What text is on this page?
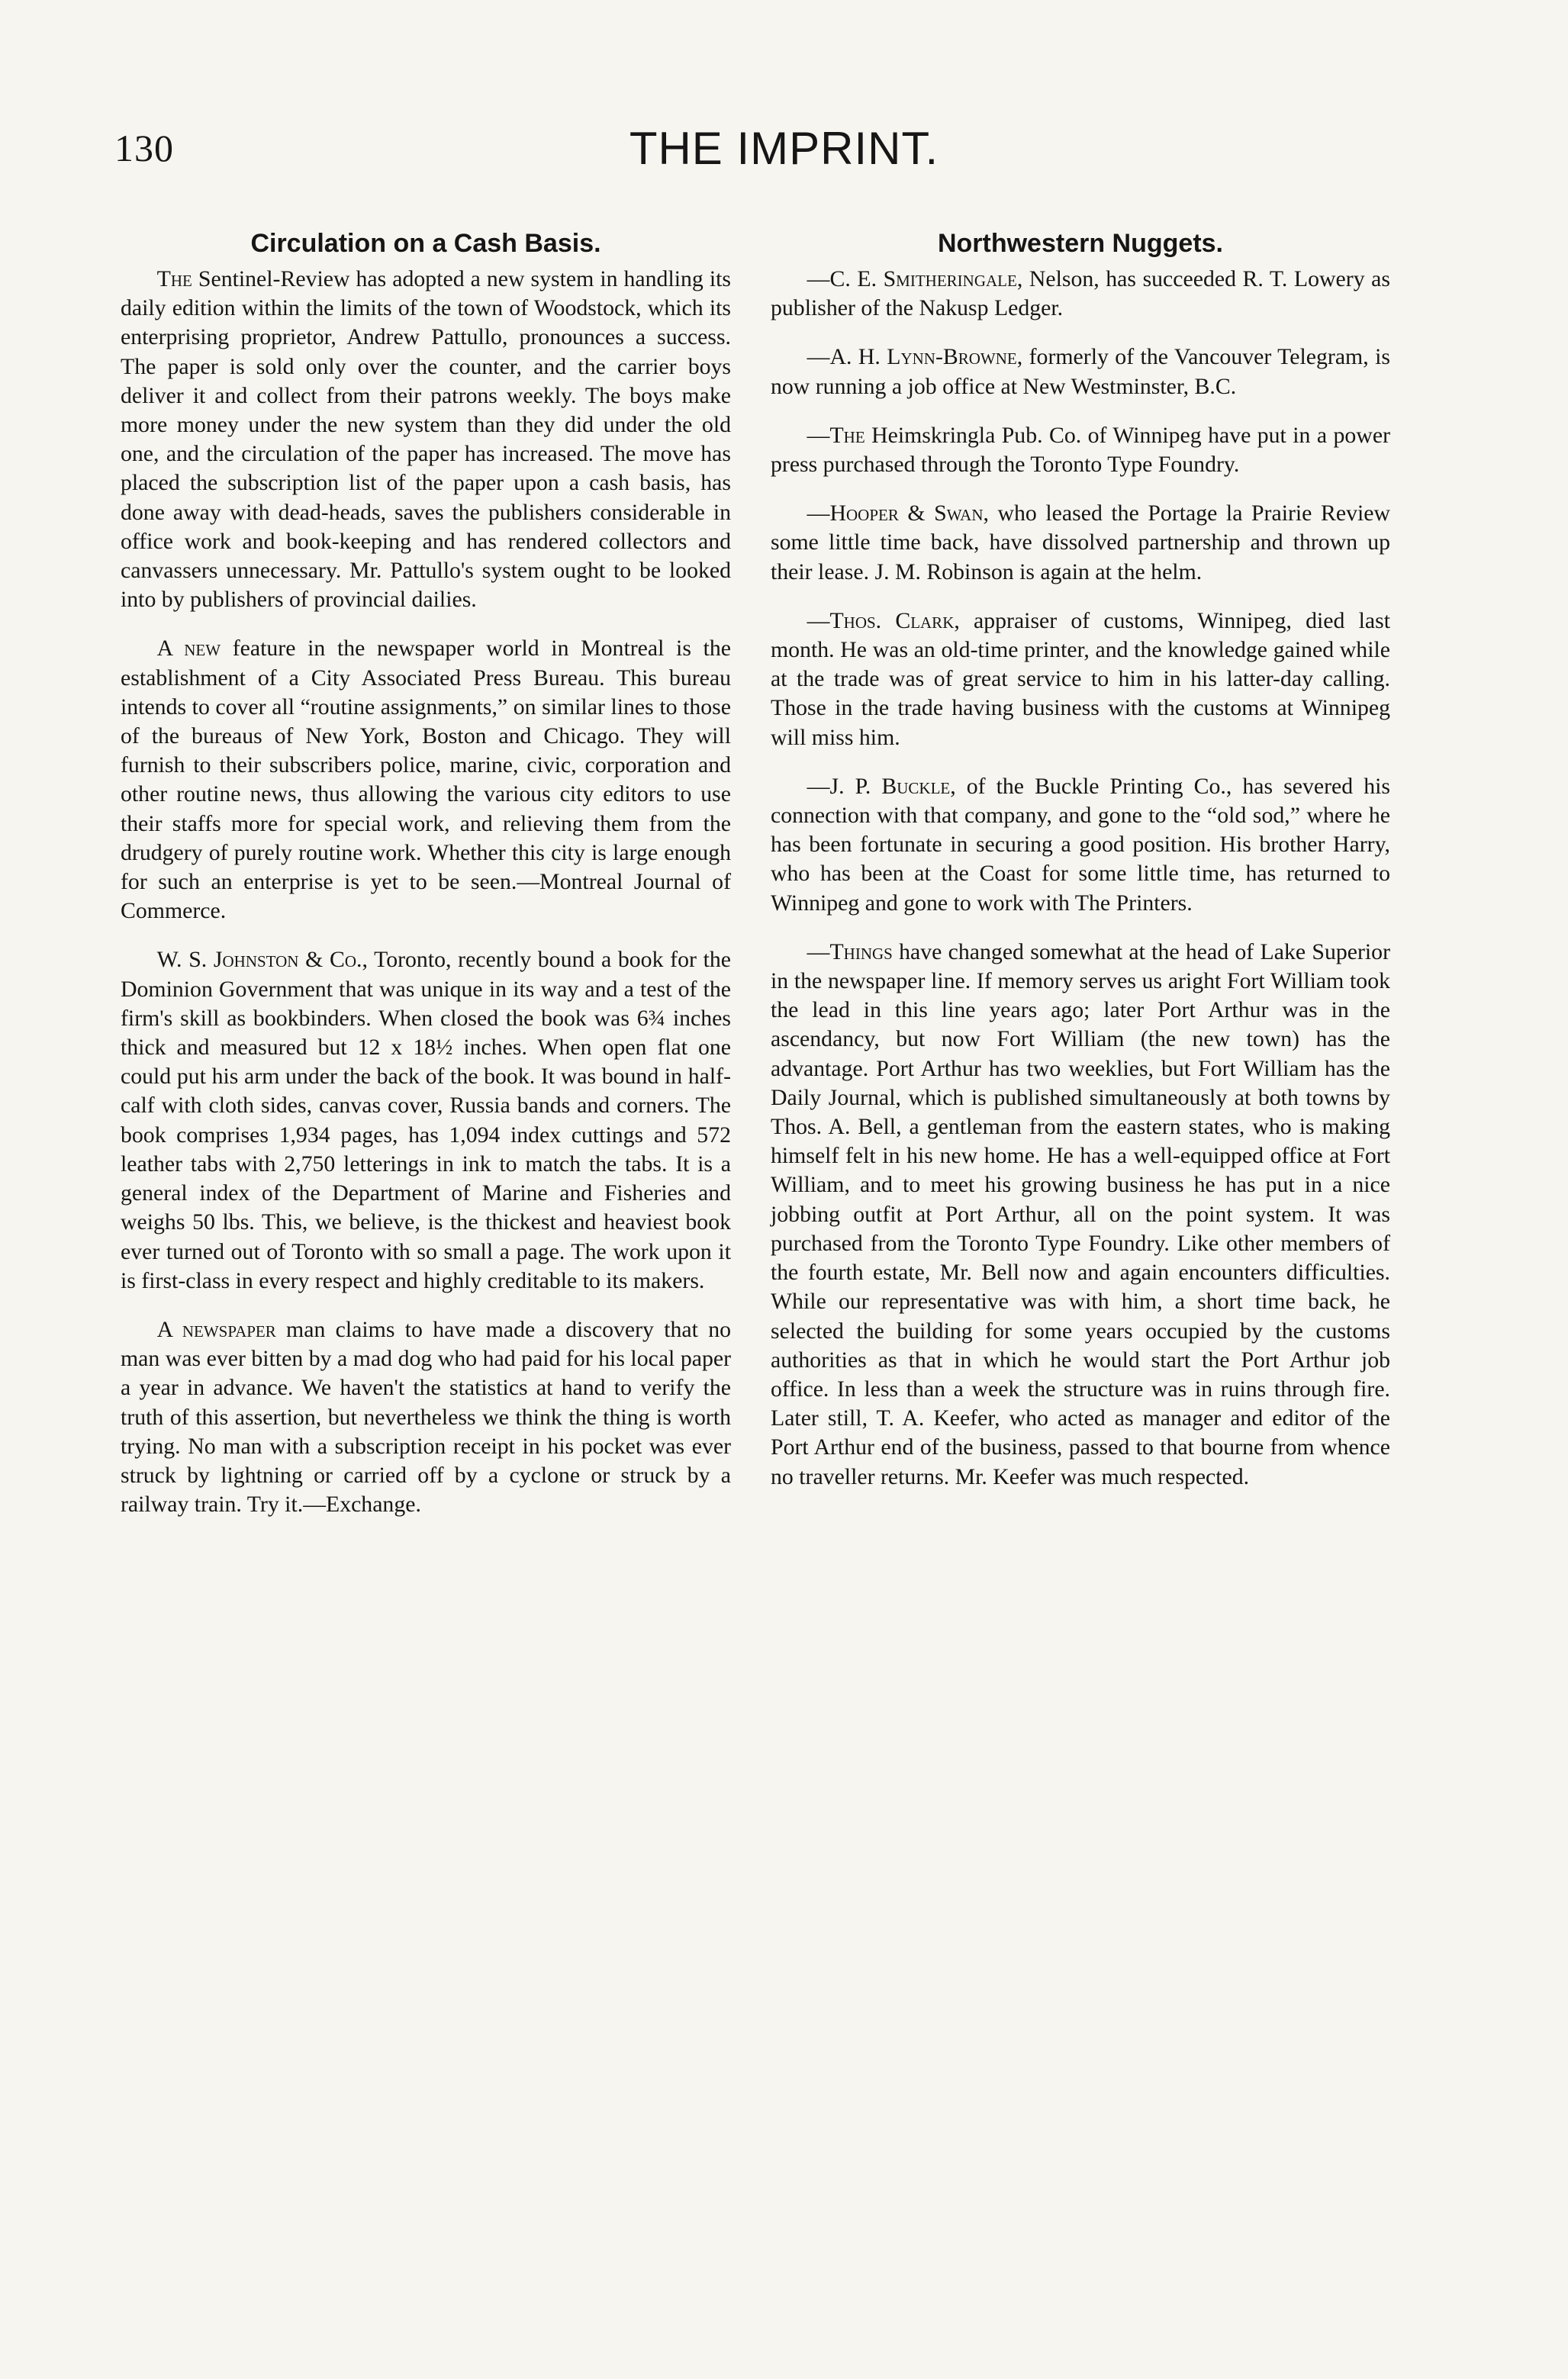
130	THE IMPRINT.
Circulation on a Cash Basis.

The Sentinel-Review has adopted a new system in handling its daily edition within the limits of the town of Woodstock, which its enterprising proprietor, Andrew Pattullo, pronounces a success. The paper is sold only over the counter, and the carrier boys deliver it and collect from their patrons weekly. The boys make more money under the new system than they did under the old one, and the circulation of the paper has increased. The move has placed the subscription list of the paper upon a cash basis, has done away with dead-heads, saves the publishers considerable in office work and book-keeping and has rendered collectors and canvassers unnecessary. Mr. Pattullo's system ought to be looked into by publishers of provincial dailies.

A new feature in the newspaper world in Montreal is the establishment of a City Associated Press Bureau. This bureau intends to cover all “routine assignments,” on similar lines to those of the bureaus of New York, Boston and Chicago. They will furnish to their subscribers police, marine, civic, corporation and other routine news, thus allowing the various city editors to use their staffs more for special work, and relieving them from the drudgery of purely routine work. Whether this city is large enough for such an enterprise is yet to be seen.—Montreal Journal of Commerce.

W. S. Johnston & Co., Toronto, recently bound a book for the Dominion Government that was unique in its way and a test of the firm's skill as bookbinders. When closed the book was 6¾ inches thick and measured but 12 x 18½ inches. When open flat one could put his arm under the back of the book. It was bound in half-calf with cloth sides, canvas cover, Russia bands and corners. The book comprises 1,934 pages, has 1,094 index cuttings and 572 leather tabs with 2,750 letterings in ink to match the tabs. It is a general index of the Department of Marine and Fisheries and weighs 50 lbs. This, we believe, is the thickest and heaviest book ever turned out of Toronto with so small a page. The work upon it is first-class in every respect and highly creditable to its makers.

A newspaper man claims to have made a discovery that no man was ever bitten by a mad dog who had paid for his local paper a year in advance. We haven't the statistics at hand to verify the truth of this assertion, but nevertheless we think the thing is worth trying. No man with a subscription receipt in his pocket was ever struck by lightning or carried off by a cyclone or struck by a railway train. Try it.—Exchange.

Northwestern Nuggets.

—C. E. Smitheringale, Nelson, has succeeded R. T. Lowery as publisher of the Nakusp Ledger.

—A. H. Lynn-Browne, formerly of the Vancouver Telegram, is now running a job office at New Westminster, B.C.

—The Heimskringla Pub. Co. of Winnipeg have put in a power press purchased through the Toronto Type Foundry.

—Hooper & Swan, who leased the Portage la Prairie Review some little time back, have dissolved partnership and thrown up their lease. J. M. Robinson is again at the helm.

—Thos. Clark, appraiser of customs, Winnipeg, died last month. He was an old-time printer, and the knowledge gained while at the trade was of great service to him in his latter-day calling. Those in the trade having business with the customs at Winnipeg will miss him.

—J. P. Buckle, of the Buckle Printing Co., has severed his connection with that company, and gone to the “old sod,” where he has been fortunate in securing a good position. His brother Harry, who has been at the Coast for some little time, has returned to Winnipeg and gone to work with The Printers.

—Things have changed somewhat at the head of Lake Superior in the newspaper line. If memory serves us aright Fort William took the lead in this line years ago; later Port Arthur was in the ascendancy, but now Fort William (the new town) has the advantage. Port Arthur has two weeklies, but Fort William has the Daily Journal, which is published simultaneously at both towns by Thos. A. Bell, a gentleman from the eastern states, who is making himself felt in his new home. He has a well-equipped office at Fort William, and to meet his growing business he has put in a nice jobbing outfit at Port Arthur, all on the point system. It was purchased from the Toronto Type Foundry. Like other members of the fourth estate, Mr. Bell now and again encounters difficulties. While our representative was with him, a short time back, he selected the building for some years occupied by the customs authorities as that in which he would start the Port Arthur job office. In less than a week the structure was in ruins through fire. Later still, T. A. Keefer, who acted as manager and editor of the Port Arthur end of the business, passed to that bourne from whence no traveller returns. Mr. Keefer was much respected.
